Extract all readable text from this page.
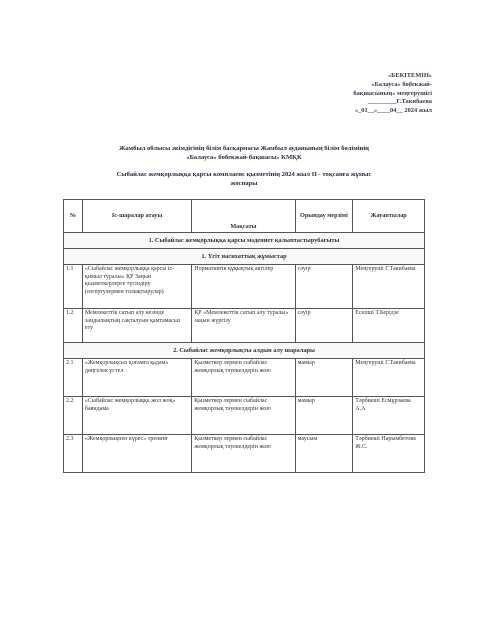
«БЕКІТЕМІН»
«Балауса» бөбекжай-
бақшасының» меңгерушісі
_________Г.Такибаева
«_01__»____04__ 2024 жыл
Жамбыл облысы әкімдігінің білім басқармасы Жамбыл ауданының білім бөлімінің
«Балауса» бөбекжай-бақшасы» КМҚК
Сыбайлас жемқорлыққа қарсы комплаенс қызметінің 2024 жыл II - тоқсанға жұмыс
жоспары
№	Іс-шаралар атауы	Мақсаты	Орындау мерзімі	Жауаптылар
1. Сыбайлас жемқорлыққа қарсы мәдениет қалыптастырубағыты				
1. Үгіт насихаттық жұмыстар				
1.1	«Сыбайлас жемқорлыққа қарсы іс-қимыл туралы» ҚР Заңын қызметкерлерге түсіндіру (өзгертулермен толықтырулар)	Нормативтік құқықтық актілер	сәуір	Меңгеруші Г.Такибаева
1.2	Мемлекеттік сатып алу кезінде заңдылықтың сақталуын қамтамасыз ету	ҚР «Мемлекеттік сатып алу туралы» заңын жүргізу	сәуір	Есепші Т.Берідзе
2. Сыбайлас жемқорлықты алдын алу шаралары				
2.1	«Жемқорлықсыз қоғамға қадам» дөңгелек үстел	Қызметкер лермен сыбайлас жемқорлық тәуекелдерін жою	мамыр	Меңгеруші Г.Такибаева
2.2	«Сыбайлас жемқорлыққа жол жоқ» баяндама	Қызметкер лермен сыбайлас жемқорлық тәуекелдерін жою	мамыр	Тәрбиеші Есмұрзаева А.А
2.3	«Жемқорлықпен күрес» тренинг	Қызметкер лермен сыбайлас жемқорлық тәуекелдерін жою	маусым	Тәрбиеші Нарымбетова Ж.С.
